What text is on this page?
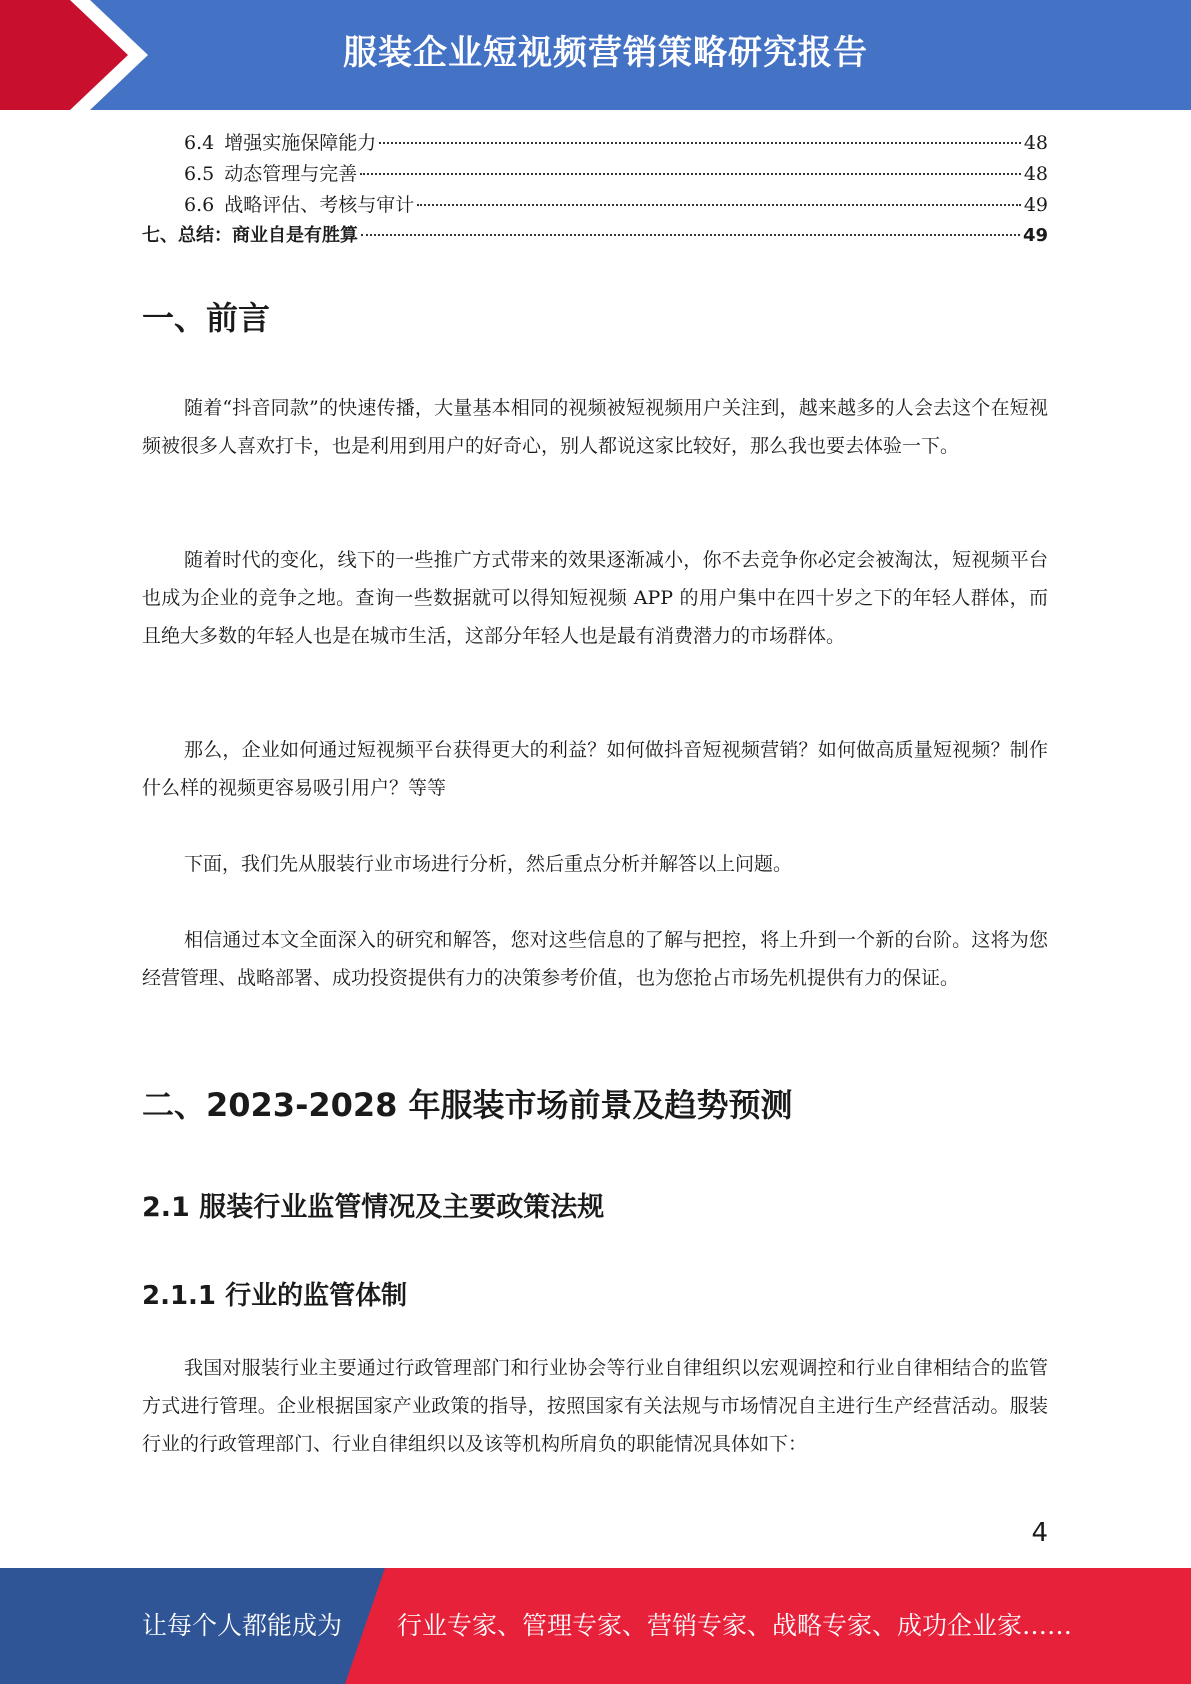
服装企业短视频营销策略研究报告
6.4 增强实施保障能力	48
6.5 动态管理与完善	48
6.6 战略评估、考核与审计	49
七、总结：商业自是有胜算	49
一、前言

随着“抖音同款”的快速传播，大量基本相同的视频被短视频用户关注到，越来越多的人会去这个在短视频被很多人喜欢打卡，也是利用到用户的好奇心，别人都说这家比较好，那么我也要去体验一下。

随着时代的变化，线下的一些推广方式带来的效果逐渐减小，你不去竞争你必定会被淘汰，短视频平台也成为企业的竞争之地。查询一些数据就可以得知短视频 APP 的用户集中在四十岁之下的年轻人群体，而且绝大多数的年轻人也是在城市生活，这部分年轻人也是最有消费潜力的市场群体。

那么，企业如何通过短视频平台获得更大的利益？如何做抖音短视频营销？如何做高质量短视频？制作什么样的视频更容易吸引用户？等等

下面，我们先从服装行业市场进行分析，然后重点分析并解答以上问题。

相信通过本文全面深入的研究和解答，您对这些信息的了解与把控，将上升到一个新的台阶。这将为您经营管理、战略部署、成功投资提供有力的决策参考价值，也为您抢占市场先机提供有力的保证。

二、2023-2028 年服装市场前景及趋势预测
2.1 服装行业监管情况及主要政策法规
2.1.1 行业的监管体制

我国对服装行业主要通过行政管理部门和行业协会等行业自律组织以宏观调控和行业自律相结合的监管方式进行管理。企业根据国家产业政策的指导，按照国家有关法规与市场情况自主进行生产经营活动。服装行业的行政管理部门、行业自律组织以及该等机构所肩负的职能情况具体如下：

4
让每个人都能成为 行业专家、管理专家、营销专家、战略专家、成功企业家……
